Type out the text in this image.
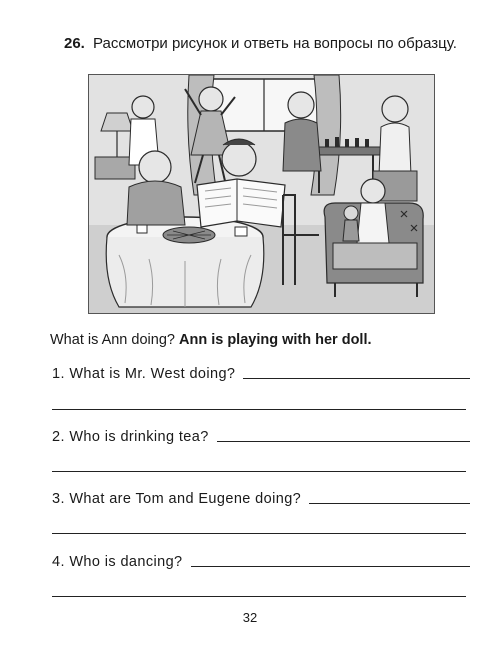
26. Рассмотри рисунок и ответь на вопросы по образцу.
What is Ann doing? Ann is playing with her doll.
1. What is Mr. West doing?
2. Who is drinking tea?
3. What are Tom and Eugene doing?
4. Who is dancing?
32
